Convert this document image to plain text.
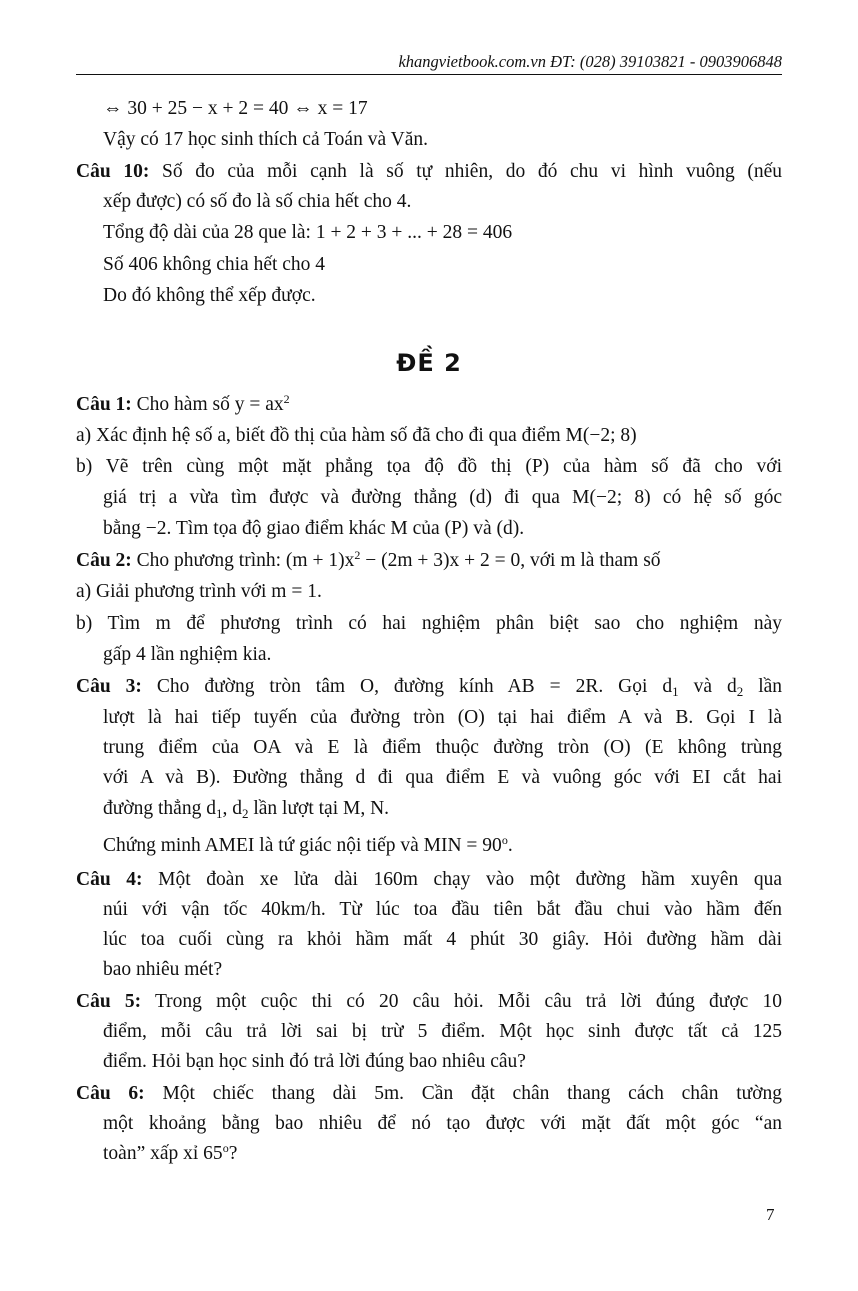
khangvietbook.com.vn ĐT: (028) 39103821 - 0903906848
⇔ 30 + 25 − x + 2 = 40 ⇔ x = 17
Vậy có 17 học sinh thích cả Toán và Văn.
Câu 10: Số đo của mỗi cạnh là số tự nhiên, do đó chu vi hình vuông (nếu
xếp được) có số đo là số chia hết cho 4.
Tổng độ dài của 28 que là: 1 + 2 + 3 + ... + 28 = 406
Số 406 không chia hết cho 4
Do đó không thể xếp được.
ĐỀ 2
Câu 1: Cho hàm số $y = ax^2$
a) Xác định hệ số a, biết đồ thị của hàm số đã cho đi qua điểm M(−2; 8)
b) Vẽ trên cùng một mặt phẳng tọa độ đồ thị (P) của hàm số đã cho với
giá trị a vừa tìm được và đường thẳng (d) đi qua M(−2; 8) có hệ số góc
bằng −2. Tìm tọa độ giao điểm khác M của (P) và (d).
Câu 2: Cho phương trình: $(m + 1)x^2 - (2m + 3)x + 2 = 0$, với m là tham số
a) Giải phương trình với m = 1.
b) Tìm m để phương trình có hai nghiệm phân biệt sao cho nghiệm này
gấp 4 lần nghiệm kia.
Câu 3: Cho đường tròn tâm O, đường kính AB = 2R. Gọi $d_1$ và $d_2$ lần
lượt là hai tiếp tuyến của đường tròn (O) tại hai điểm A và B. Gọi I là
trung điểm của OA và E là điểm thuộc đường tròn (O) (E không trùng
với A và B). Đường thẳng d đi qua điểm E và vuông góc với EI cắt hai
đường thẳng $d_1$, $d_2$ lần lượt tại M, N.
Chứng minh AMEI là tứ giác nội tiếp và MIN = $90^o$.
Câu 4: Một đoàn xe lửa dài 160m chạy vào một đường hầm xuyên qua
núi với vận tốc 40km/h. Từ lúc toa đầu tiên bắt đầu chui vào hầm đến
lúc toa cuối cùng ra khỏi hầm mất 4 phút 30 giây. Hỏi đường hầm dài
bao nhiêu mét?
Câu 5: Trong một cuộc thi có 20 câu hỏi. Mỗi câu trả lời đúng được 10
điểm, mỗi câu trả lời sai bị trừ 5 điểm. Một học sinh được tất cả 125
điểm. Hỏi bạn học sinh đó trả lời đúng bao nhiêu câu?
Câu 6: Một chiếc thang dài 5m. Cần đặt chân thang cách chân tường
một khoảng bằng bao nhiêu để nó tạo được với mặt đất một góc “an
toàn” xấp xỉ 65$^o$?
7
